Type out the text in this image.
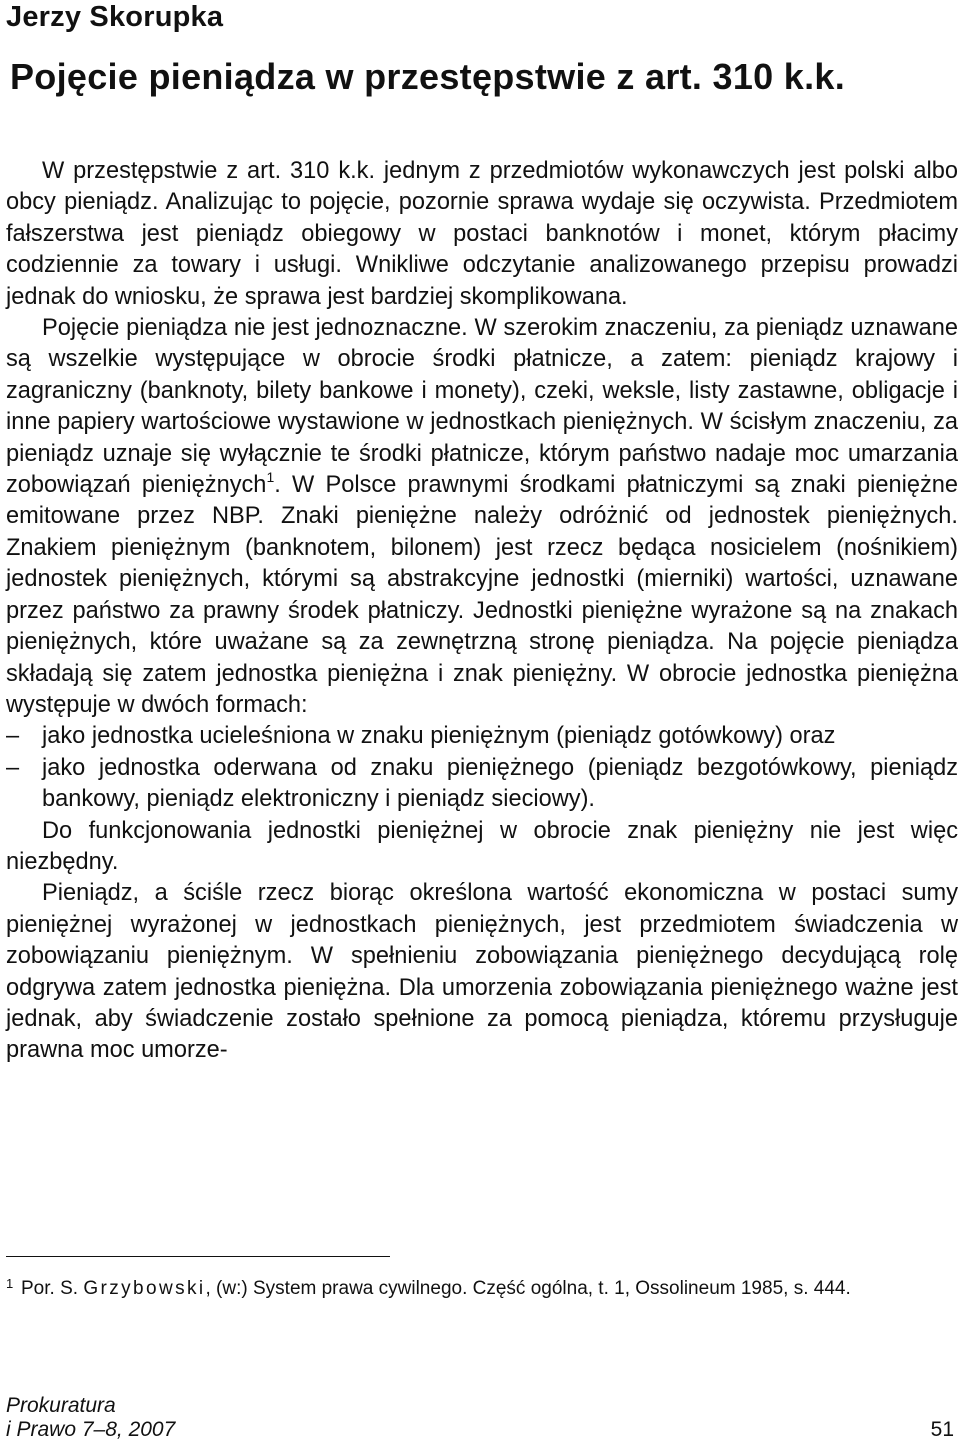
Jerzy Skorupka
Pojęcie pieniądza w przestępstwie z art. 310 k.k.

W przestępstwie z art. 310 k.k. jednym z przedmiotów wykonawczych jest polski albo obcy pieniądz. Analizując to pojęcie, pozornie sprawa wydaje się oczywista. Przedmiotem fałszerstwa jest pieniądz obiegowy w postaci banknotów i monet, którym płacimy codziennie za towary i usługi. Wnikliwe odczytanie analizowanego przepisu prowadzi jednak do wniosku, że sprawa jest bardziej skomplikowana.

Pojęcie pieniądza nie jest jednoznaczne. W szerokim znaczeniu, za pieniądz uznawane są wszelkie występujące w obrocie środki płatnicze, a zatem: pieniądz krajowy i zagraniczny (banknoty, bilety bankowe i monety), czeki, weksle, listy zastawne, obligacje i inne papiery wartościowe wystawione w jednostkach pieniężnych. W ścisłym znaczeniu, za pieniądz uznaje się wyłącznie te środki płatnicze, którym państwo nadaje moc umarzania zobowiązań pieniężnych$^1$. W Polsce prawnymi środkami płatniczymi są znaki pieniężne emitowane przez NBP. Znaki pieniężne należy odróżnić od jednostek pieniężnych. Znakiem pieniężnym (banknotem, bilonem) jest rzecz będąca nosicielem (nośnikiem) jednostek pieniężnych, którymi są abstrakcyjne jednostki (mierniki) wartości, uznawane przez państwo za prawny środek płatniczy. Jednostki pieniężne wyrażone są na znakach pieniężnych, które uważane są za zewnętrzną stronę pieniądza. Na pojęcie pieniądza składają się zatem jednostka pieniężna i znak pieniężny. W obrocie jednostka pieniężna występuje w dwóch formach:

– jako jednostka ucieleśniona w znaku pieniężnym (pieniądz gotówkowy) oraz

– jako jednostka oderwana od znaku pieniężnego (pieniądz bezgotówkowy, pieniądz bankowy, pieniądz elektroniczny i pieniądz sieciowy).

Do funkcjonowania jednostki pieniężnej w obrocie znak pieniężny nie jest więc niezbędny.

Pieniądz, a ściśle rzecz biorąc określona wartość ekonomiczna w postaci sumy pieniężnej wyrażonej w jednostkach pieniężnych, jest przedmiotem świadczenia w zobowiązaniu pieniężnym. W spełnieniu zobowiązania pieniężnego decydującą rolę odgrywa zatem jednostka pieniężna. Dla umorzenia zobowiązania pieniężnego ważne jest jednak, aby świadczenie zostało spełnione za pomocą pieniądza, któremu przysługuje prawna moc umorze-

1 Por. S. Grzybowski, (w:) System prawa cywilnego. Część ogólna, t. 1, Ossolineum 1985, s. 444.

Prokuratura
i Prawo 7–8, 2007	51
